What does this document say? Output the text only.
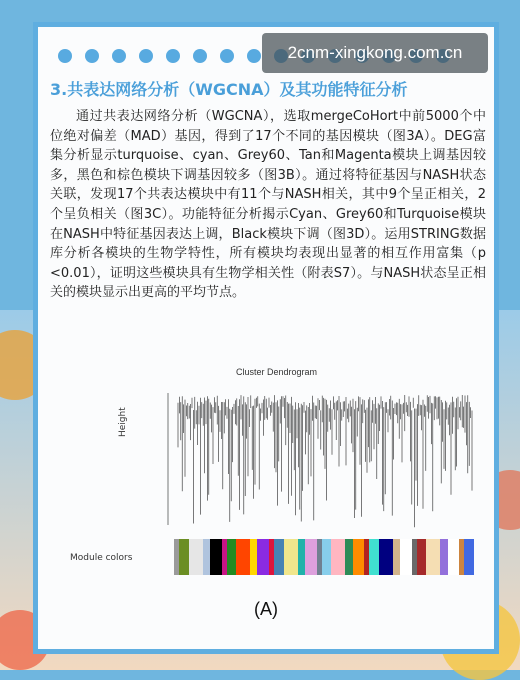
3.共表达网络分析（WGCNA）及其功能特征分析

通过共表达网络分析（WGCNA），选取mergeCoHort中前5000个中位绝对偏差（MAD）基因，得到了17个不同的基因模块（图3A）。DEG富集分析显示turquoise、cyan、Grey60、Tan和Magenta模块上调基因较多，黑色和棕色模块下调基因较多（图3B）。通过将特征基因与NASH状态关联，发现17个共表达模块中有11个与NASH相关，其中9个呈正相关，2个呈负相关（图3C）。功能特征分析揭示Cyan、Grey60和Turquoise模块在NASH中特征基因表达上调，Black模块下调（图3D）。运用STRING数据库分析各模块的生物学特性，所有模块均表现出显著的相互作用富集（p <0.01），证明这些模块具有生物学相关性（附表S7）。与NASH状态呈正相关的模块显示出更高的平均节点。

Cluster Dendrogram
Height
Module colors
(A)
2cnm-xingkong.com.cn
